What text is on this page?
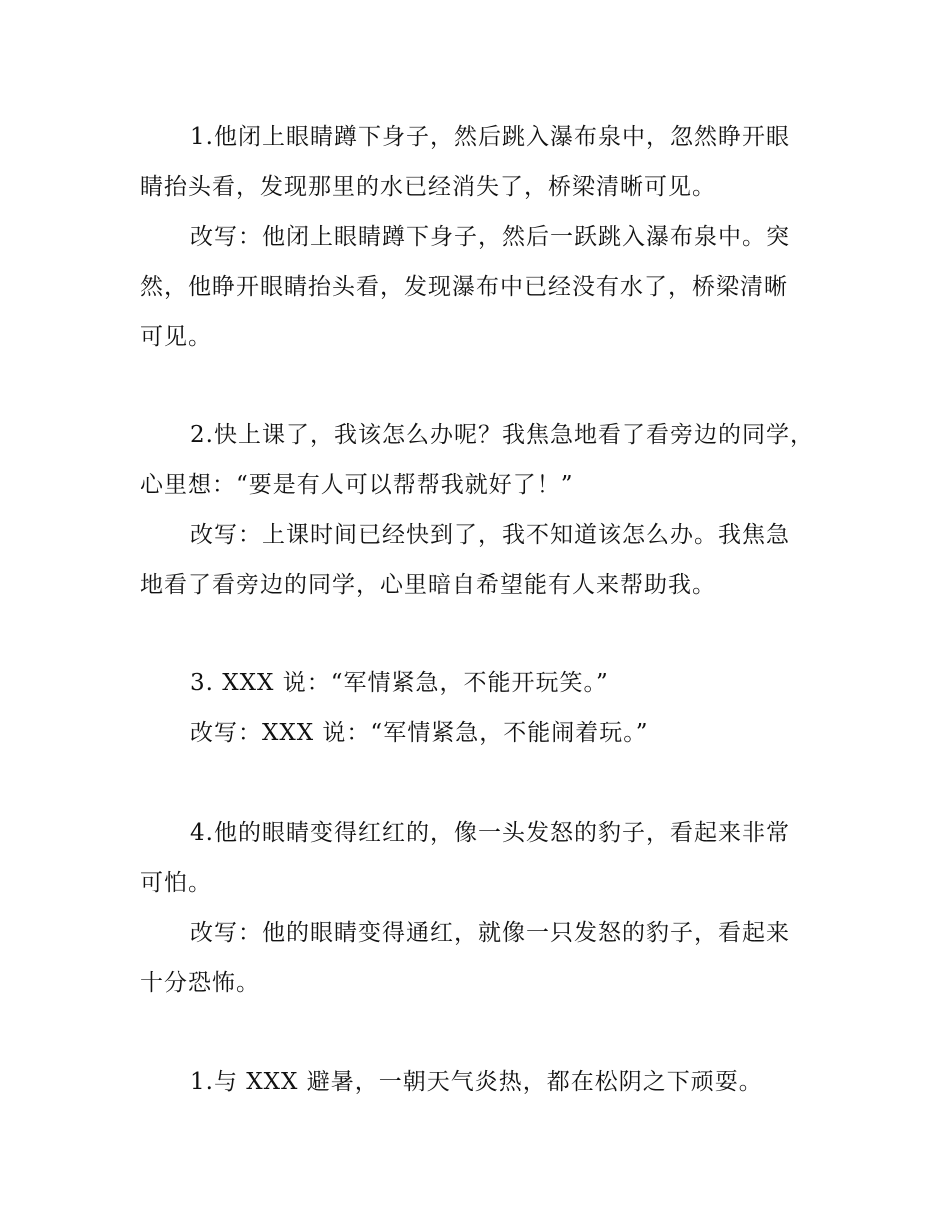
1.他闭上眼睛蹲下身子，然后跳入瀑布泉中，忽然睁开眼
睛抬头看，发现那里的水已经消失了，桥梁清晰可见。
改写：他闭上眼睛蹲下身子，然后一跃跳入瀑布泉中。突
然，他睁开眼睛抬头看，发现瀑布中已经没有水了，桥梁清晰
可见。
2.快上课了，我该怎么办呢？我焦急地看了看旁边的同学，
心里想：“要是有人可以帮帮我就好了！”
改写：上课时间已经快到了，我不知道该怎么办。我焦急
地看了看旁边的同学，心里暗自希望能有人来帮助我。
3. XXX 说：“军情紧急，不能开玩笑。”
改写：XXX 说：“军情紧急，不能闹着玩。”
4.他的眼睛变得红红的，像一头发怒的豹子，看起来非常
可怕。
改写：他的眼睛变得通红，就像一只发怒的豹子，看起来
十分恐怖。
1.与 XXX 避暑，一朝天气炎热，都在松阴之下顽耍。
